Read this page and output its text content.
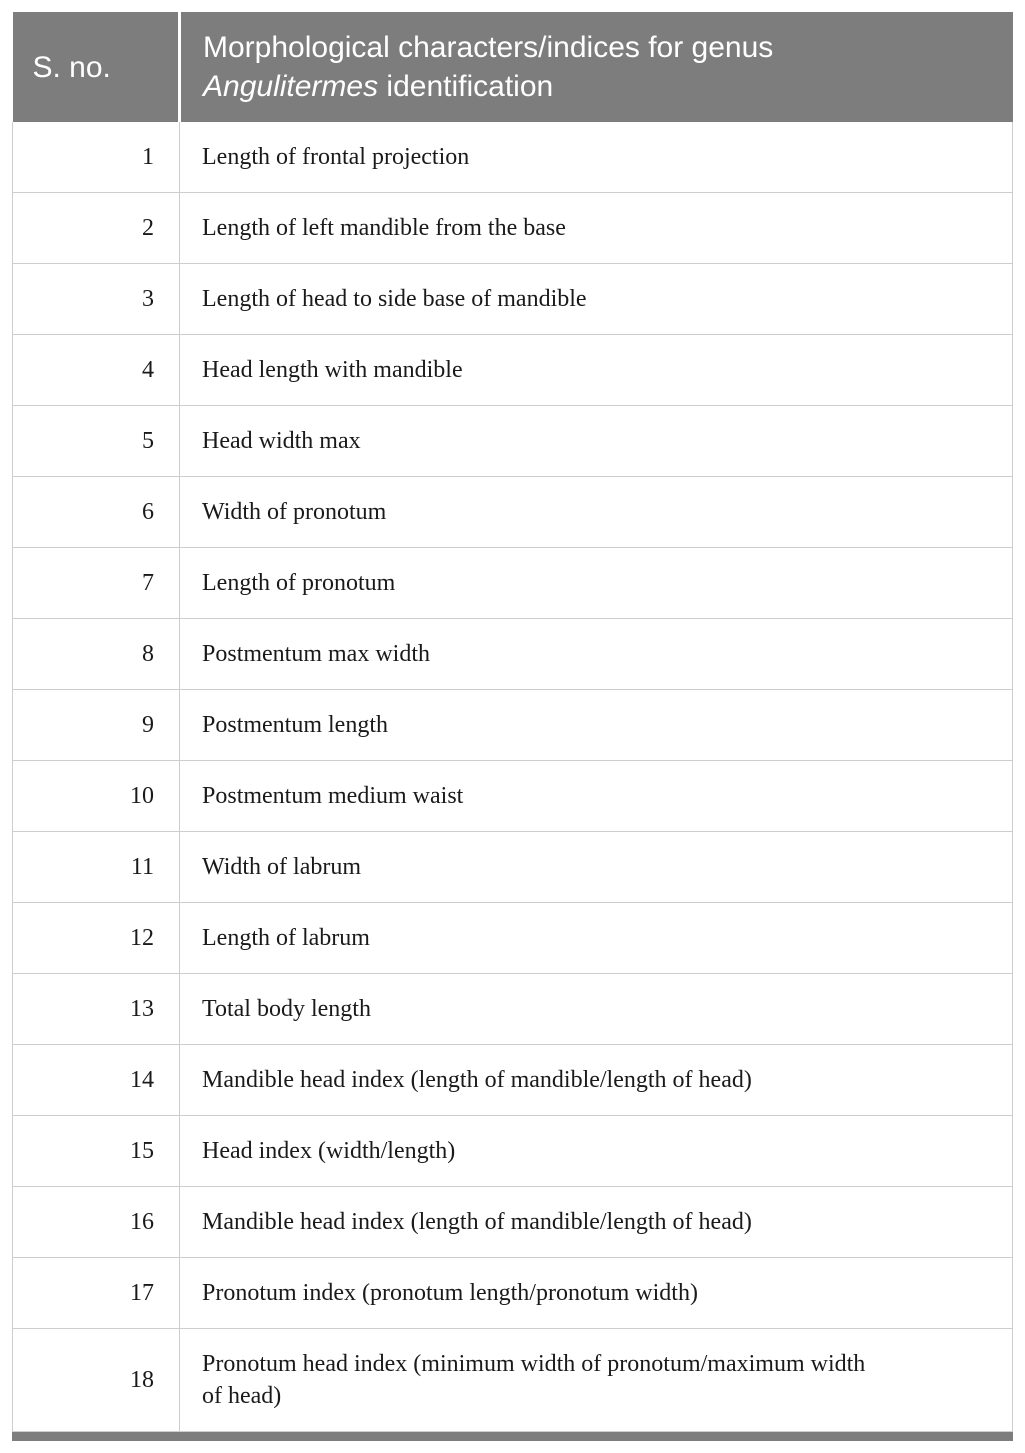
S. no.	Morphological characters/indices for genus
Angulitermes identification
1	Length of frontal projection
2	Length of left mandible from the base
3	Length of head to side base of mandible
4	Head length with mandible
5	Head width max
6	Width of pronotum
7	Length of pronotum
8	Postmentum max width
9	Postmentum length
10	Postmentum medium waist
11	Width of labrum
12	Length of labrum
13	Total body length
14	Mandible head index (length of mandible/length of head)
15	Head index (width/length)
16	Mandible head index (length of mandible/length of head)
17	Pronotum index (pronotum length/pronotum width)
18	Pronotum head index (minimum width of pronotum/maximum width of head)
